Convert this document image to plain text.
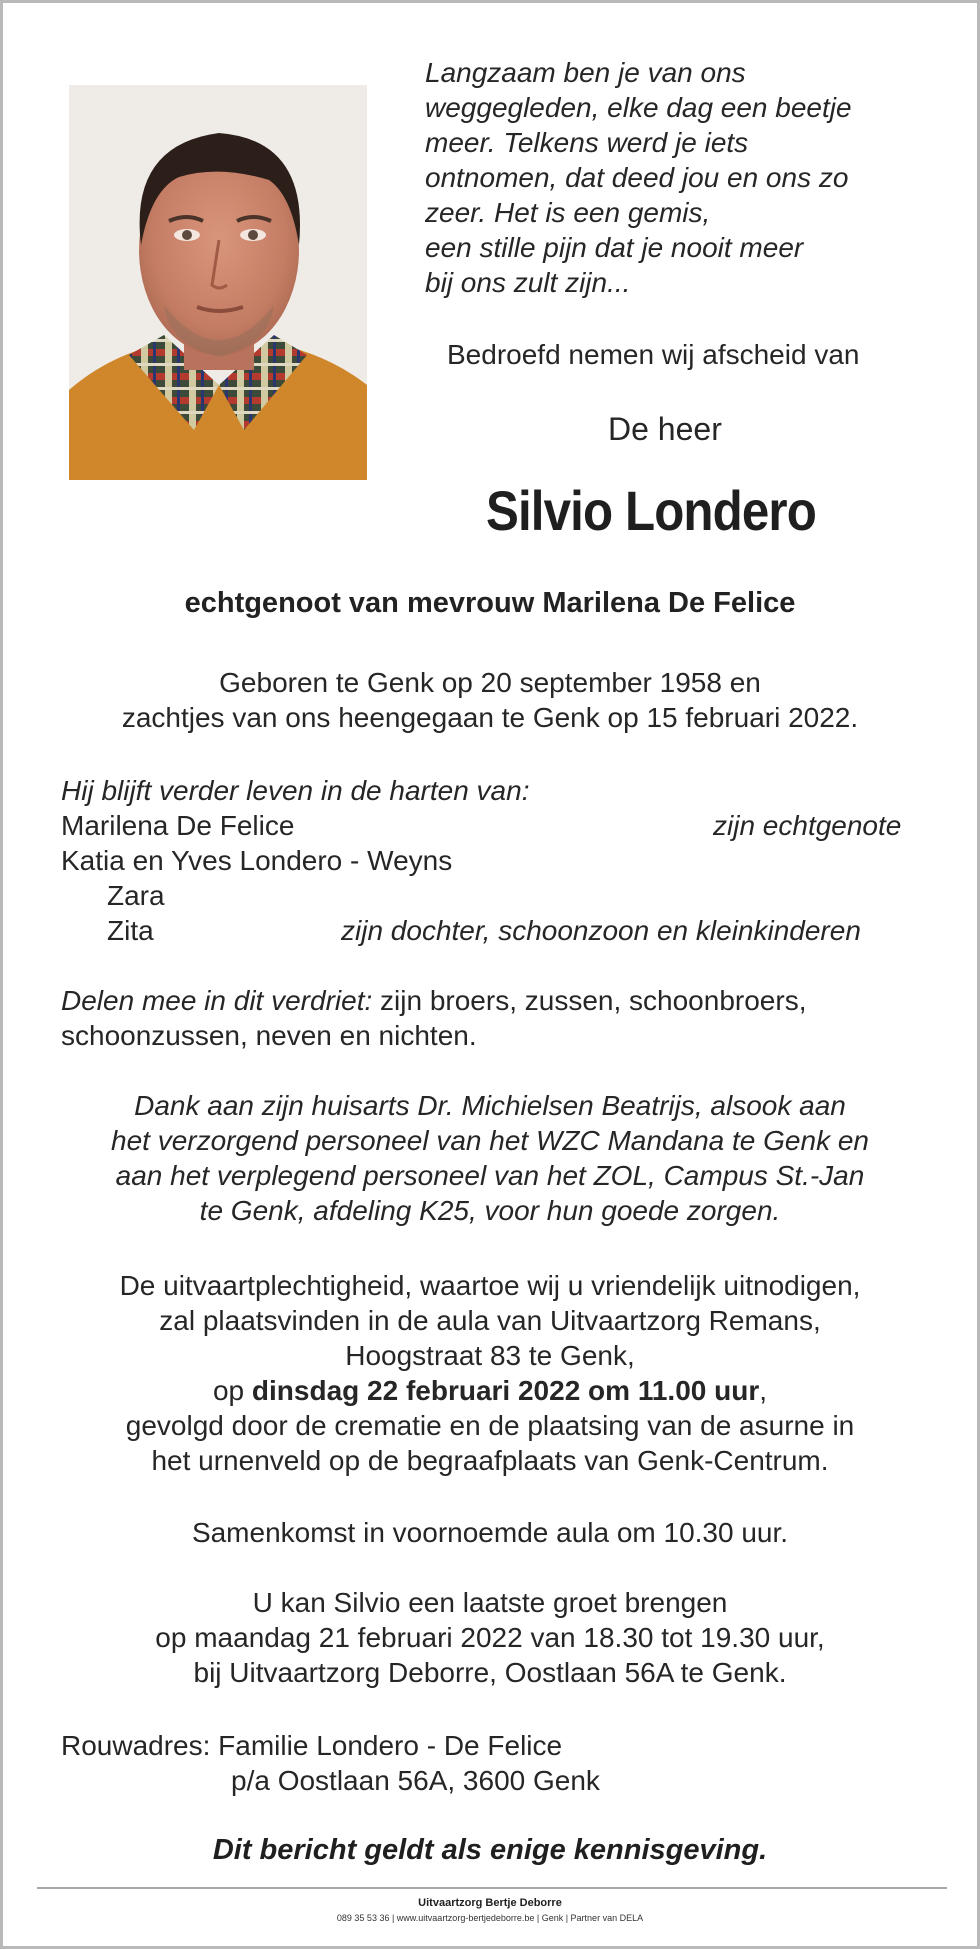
Langzaam ben je van ons
weggegleden, elke dag een beetje
meer. Telkens werd je iets
ontnomen, dat deed jou en ons zo
zeer. Het is een gemis,
een stille pijn dat je nooit meer
bij ons zult zijn...
Bedroefd nemen wij afscheid van
De heer
Silvio Londero
echtgenoot van mevrouw Marilena De Felice
Geboren te Genk op 20 september 1958 en
zachtjes van ons heengegaan te Genk op 15 februari 2022.
Hij blijft verder leven in de harten van:
Marilena De Felice	zijn echtgenote
Katia en Yves Londero - Weyns
Zara
Zita	zijn dochter, schoonzoon en kleinkinderen
Delen mee in dit verdriet: zijn broers, zussen, schoonbroers,
schoonzussen, neven en nichten.
Dank aan zijn huisarts Dr. Michielsen Beatrijs, alsook aan
het verzorgend personeel van het WZC Mandana te Genk en
aan het verplegend personeel van het ZOL, Campus St.-Jan
te Genk, afdeling K25, voor hun goede zorgen.
De uitvaartplechtigheid, waartoe wij u vriendelijk uitnodigen,
zal plaatsvinden in de aula van Uitvaartzorg Remans,
Hoogstraat 83 te Genk,
op dinsdag 22 februari 2022 om 11.00 uur,
gevolgd door de crematie en de plaatsing van de asurne in
het urnenveld op de begraafplaats van Genk-Centrum.
Samenkomst in voornoemde aula om 10.30 uur.
U kan Silvio een laatste groet brengen
op maandag 21 februari 2022 van 18.30 tot 19.30 uur,
bij Uitvaartzorg Deborre, Oostlaan 56A te Genk.
Rouwadres: Familie Londero - De Felice
p/a Oostlaan 56A, 3600 Genk
Dit bericht geldt als enige kennisgeving.
Uitvaartzorg Bertje Deborre
089 35 53 36 | www.uitvaartzorg-bertjedeborre.be | Genk | Partner van DELA
